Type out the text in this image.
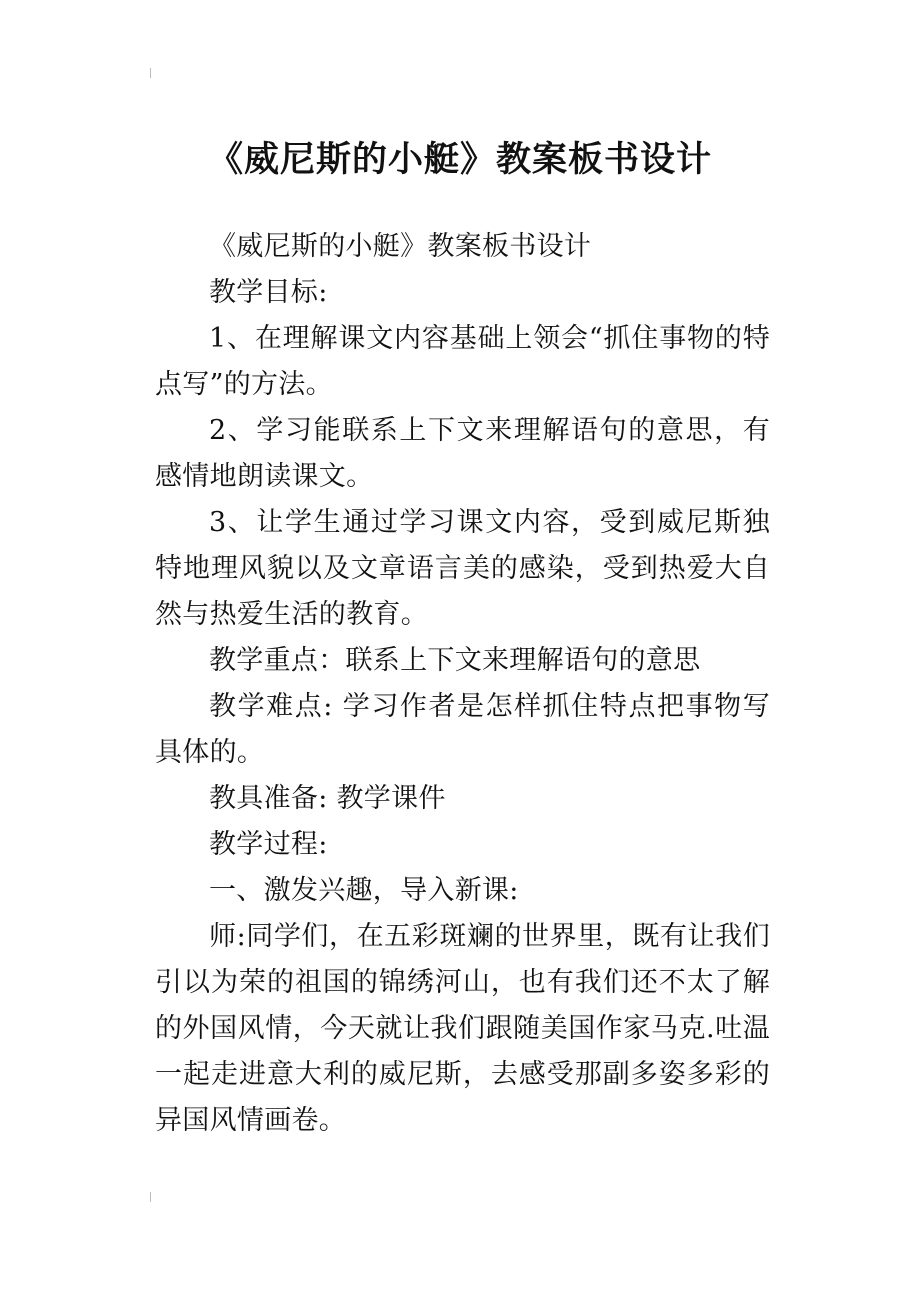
《威尼斯的小艇》教案板书设计

《威尼斯的小艇》教案板书设计

教学目标:

1、在理解课文内容基础上领会“抓住事物的特点写”的方法。

2、学习能联系上下文来理解语句的意思，有感情地朗读课文。

3、让学生通过学习课文内容，受到威尼斯独特地理风貌以及文章语言美的感染，受到热爱大自然与热爱生活的教育。

教学重点：联系上下文来理解语句的意思

教学难点: 学习作者是怎样抓住特点把事物写具体的。

教具准备: 教学课件

教学过程:

一、激发兴趣，导入新课:

师:同学们，在五彩斑斓的世界里，既有让我们引以为荣的祖国的锦绣河山，也有我们还不太了解的外国风情，今天就让我们跟随美国作家马克.吐温一起走进意大利的威尼斯，去感受那副多姿多彩的异国风情画卷。
